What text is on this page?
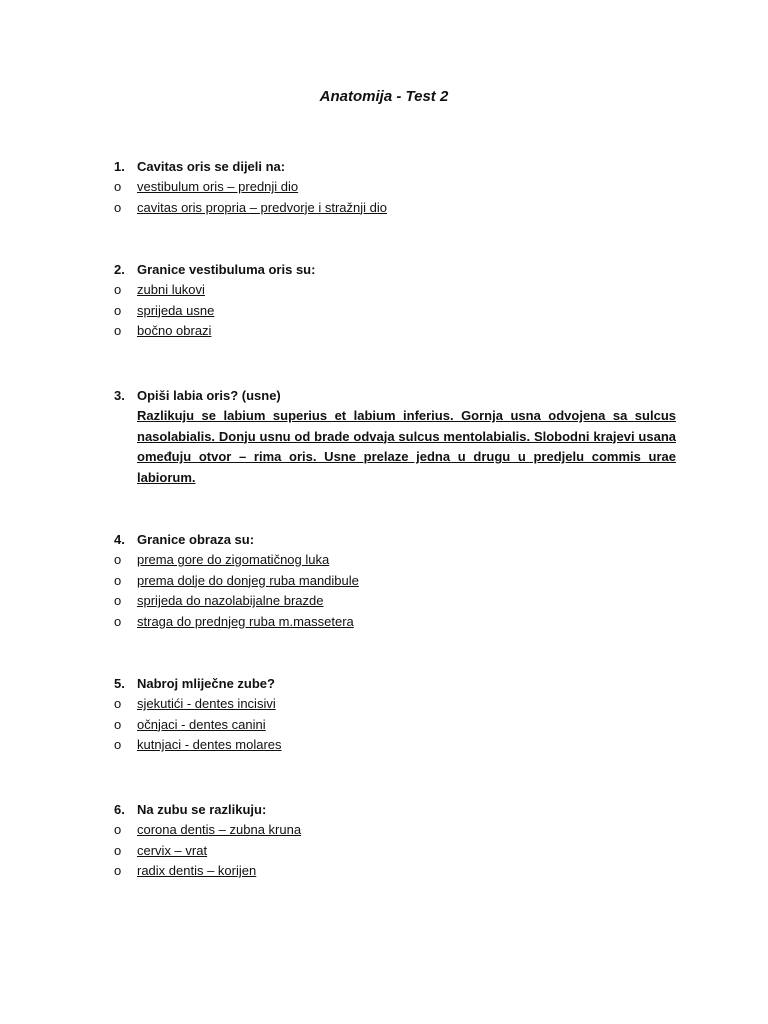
Anatomija - Test 2
1. Cavitas oris se dijeli na:
o	vestibulum oris – prednji dio
o	cavitas oris propria – predvorje i stražnji dio
2. Granice vestibuluma oris su:
o	zubni lukovi
o	sprijeda usne
o	bočno obrazi
3. Opiši labia oris? (usne)
Razlikuju se labium superius et labium inferius. Gornja usna odvojena sa sulcus nasolabialis. Donju usnu od brade odvaja sulcus mentolabialis. Slobodni krajevi usana omeđuju otvor – rima oris. Usne prelaze jedna u drugu u predjelu commis urae labiorum.
4. Granice obraza su:
o	prema gore do zigomatičnog luka
o	prema dolje do donjeg ruba mandibule
o	sprijeda do nazolabijalne brazde
o	straga do prednjeg ruba m.massetera
5. Nabroj mliječne zube?
o	sjekutići - dentes incisivi
o	očnjaci - dentes canini
o	kutnjaci - dentes molares
6. Na zubu se razlikuju:
o	corona dentis – zubna kruna
o	cervix – vrat
o	radix dentis – korijen
